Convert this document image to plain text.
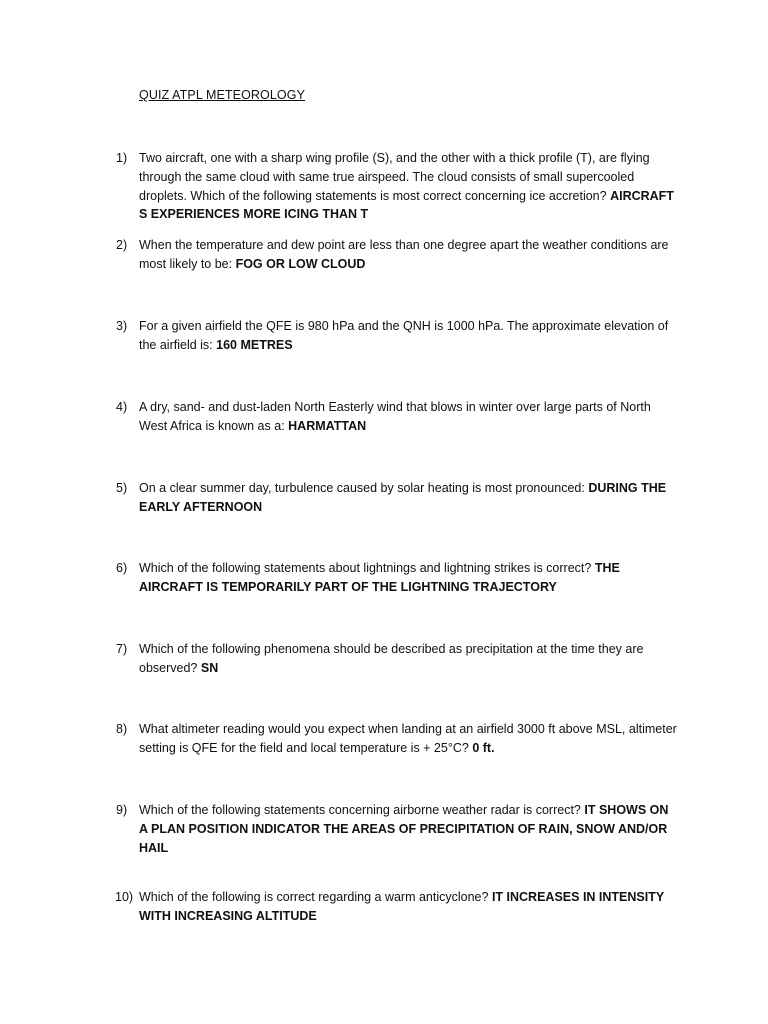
QUIZ ATPL METEOROLOGY
1) Two aircraft, one with a sharp wing profile (S), and the other with a thick profile (T), are flying through the same cloud with same true airspeed. The cloud consists of small supercooled droplets. Which of the following statements is most correct concerning ice accretion? AIRCRAFT S EXPERIENCES MORE ICING THAN T
2) When the temperature and dew point are less than one degree apart the weather conditions are most likely to be: FOG OR LOW CLOUD
3) For a given airfield the QFE is 980 hPa and the QNH is 1000 hPa. The approximate elevation of the airfield is: 160 METRES
4) A dry, sand- and dust-laden North Easterly wind that blows in winter over large parts of North West Africa is known as a: HARMATTAN
5) On a clear summer day, turbulence caused by solar heating is most pronounced: DURING THE EARLY AFTERNOON
6) Which of the following statements about lightnings and lightning strikes is correct? THE AIRCRAFT IS TEMPORARILY PART OF THE LIGHTNING TRAJECTORY
7) Which of the following phenomena should be described as precipitation at the time they are observed? SN
8) What altimeter reading would you expect when landing at an airfield 3000 ft above MSL, altimeter setting is QFE for the field and local temperature is + 25°C? 0 ft.
9) Which of the following statements concerning airborne weather radar is correct? IT SHOWS ON A PLAN POSITION INDICATOR THE AREAS OF PRECIPITATION OF RAIN, SNOW AND/OR HAIL
10) Which of the following is correct regarding a warm anticyclone? IT INCREASES IN INTENSITY WITH INCREASING ALTITUDE
